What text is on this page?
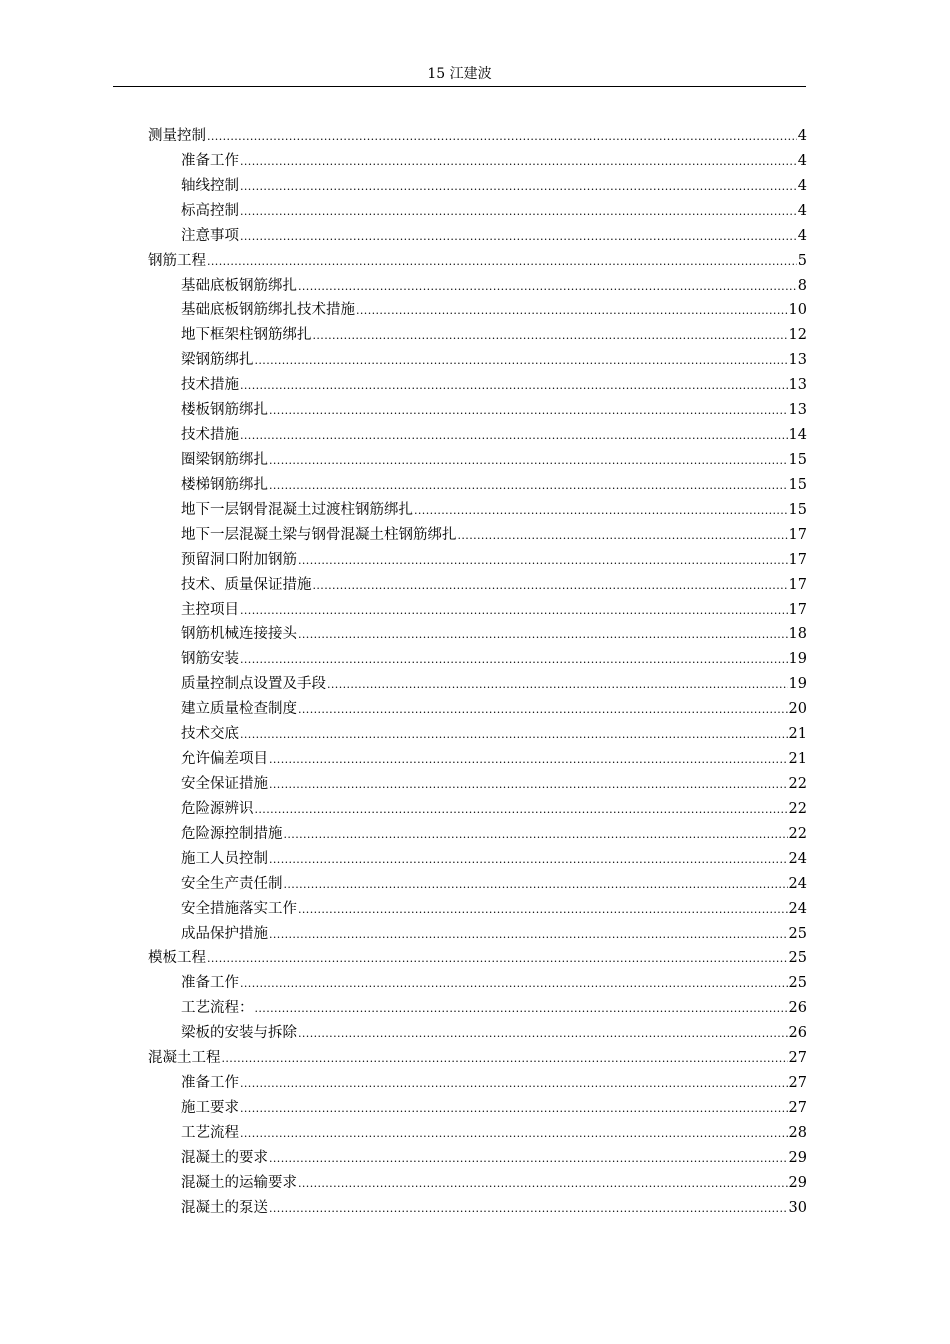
15 江建波
测量控制 .....	4
准备工作 .....	4
轴线控制 .....	4
标高控制 .....	4
注意事项 .....	4
钢筋工程 .....	5
基础底板钢筋绑扎 .....	8
基础底板钢筋绑扎技术措施 .....	10
地下框架柱钢筋绑扎 .....	12
梁钢筋绑扎 .....	13
技术措施 .....	13
楼板钢筋绑扎 .....	13
技术措施 .....	14
圈梁钢筋绑扎 .....	15
楼梯钢筋绑扎 .....	15
地下一层钢骨混凝土过渡柱钢筋绑扎 .....	15
地下一层混凝土梁与钢骨混凝土柱钢筋绑扎 .....	17
预留洞口附加钢筋 .....	17
技术、质量保证措施 .....	17
主控项目 .....	17
钢筋机械连接接头 .....	18
钢筋安装 .....	19
质量控制点设置及手段 .....	19
建立质量检查制度 .....	20
技术交底 .....	21
允许偏差项目 .....	21
安全保证措施 .....	22
危险源辨识 .....	22
危险源控制措施 .....	22
施工人员控制 .....	24
安全生产责任制 .....	24
安全措施落实工作 .....	24
成品保护措施 .....	25
模板工程 .....	25
准备工作 .....	25
工艺流程： .....	26
梁板的安装与拆除 .....	26
混凝土工程 .....	27
准备工作 .....	27
施工要求 .....	27
工艺流程 .....	28
混凝土的要求 .....	29
混凝土的运输要求 .....	29
混凝土的泵送 .....	30
